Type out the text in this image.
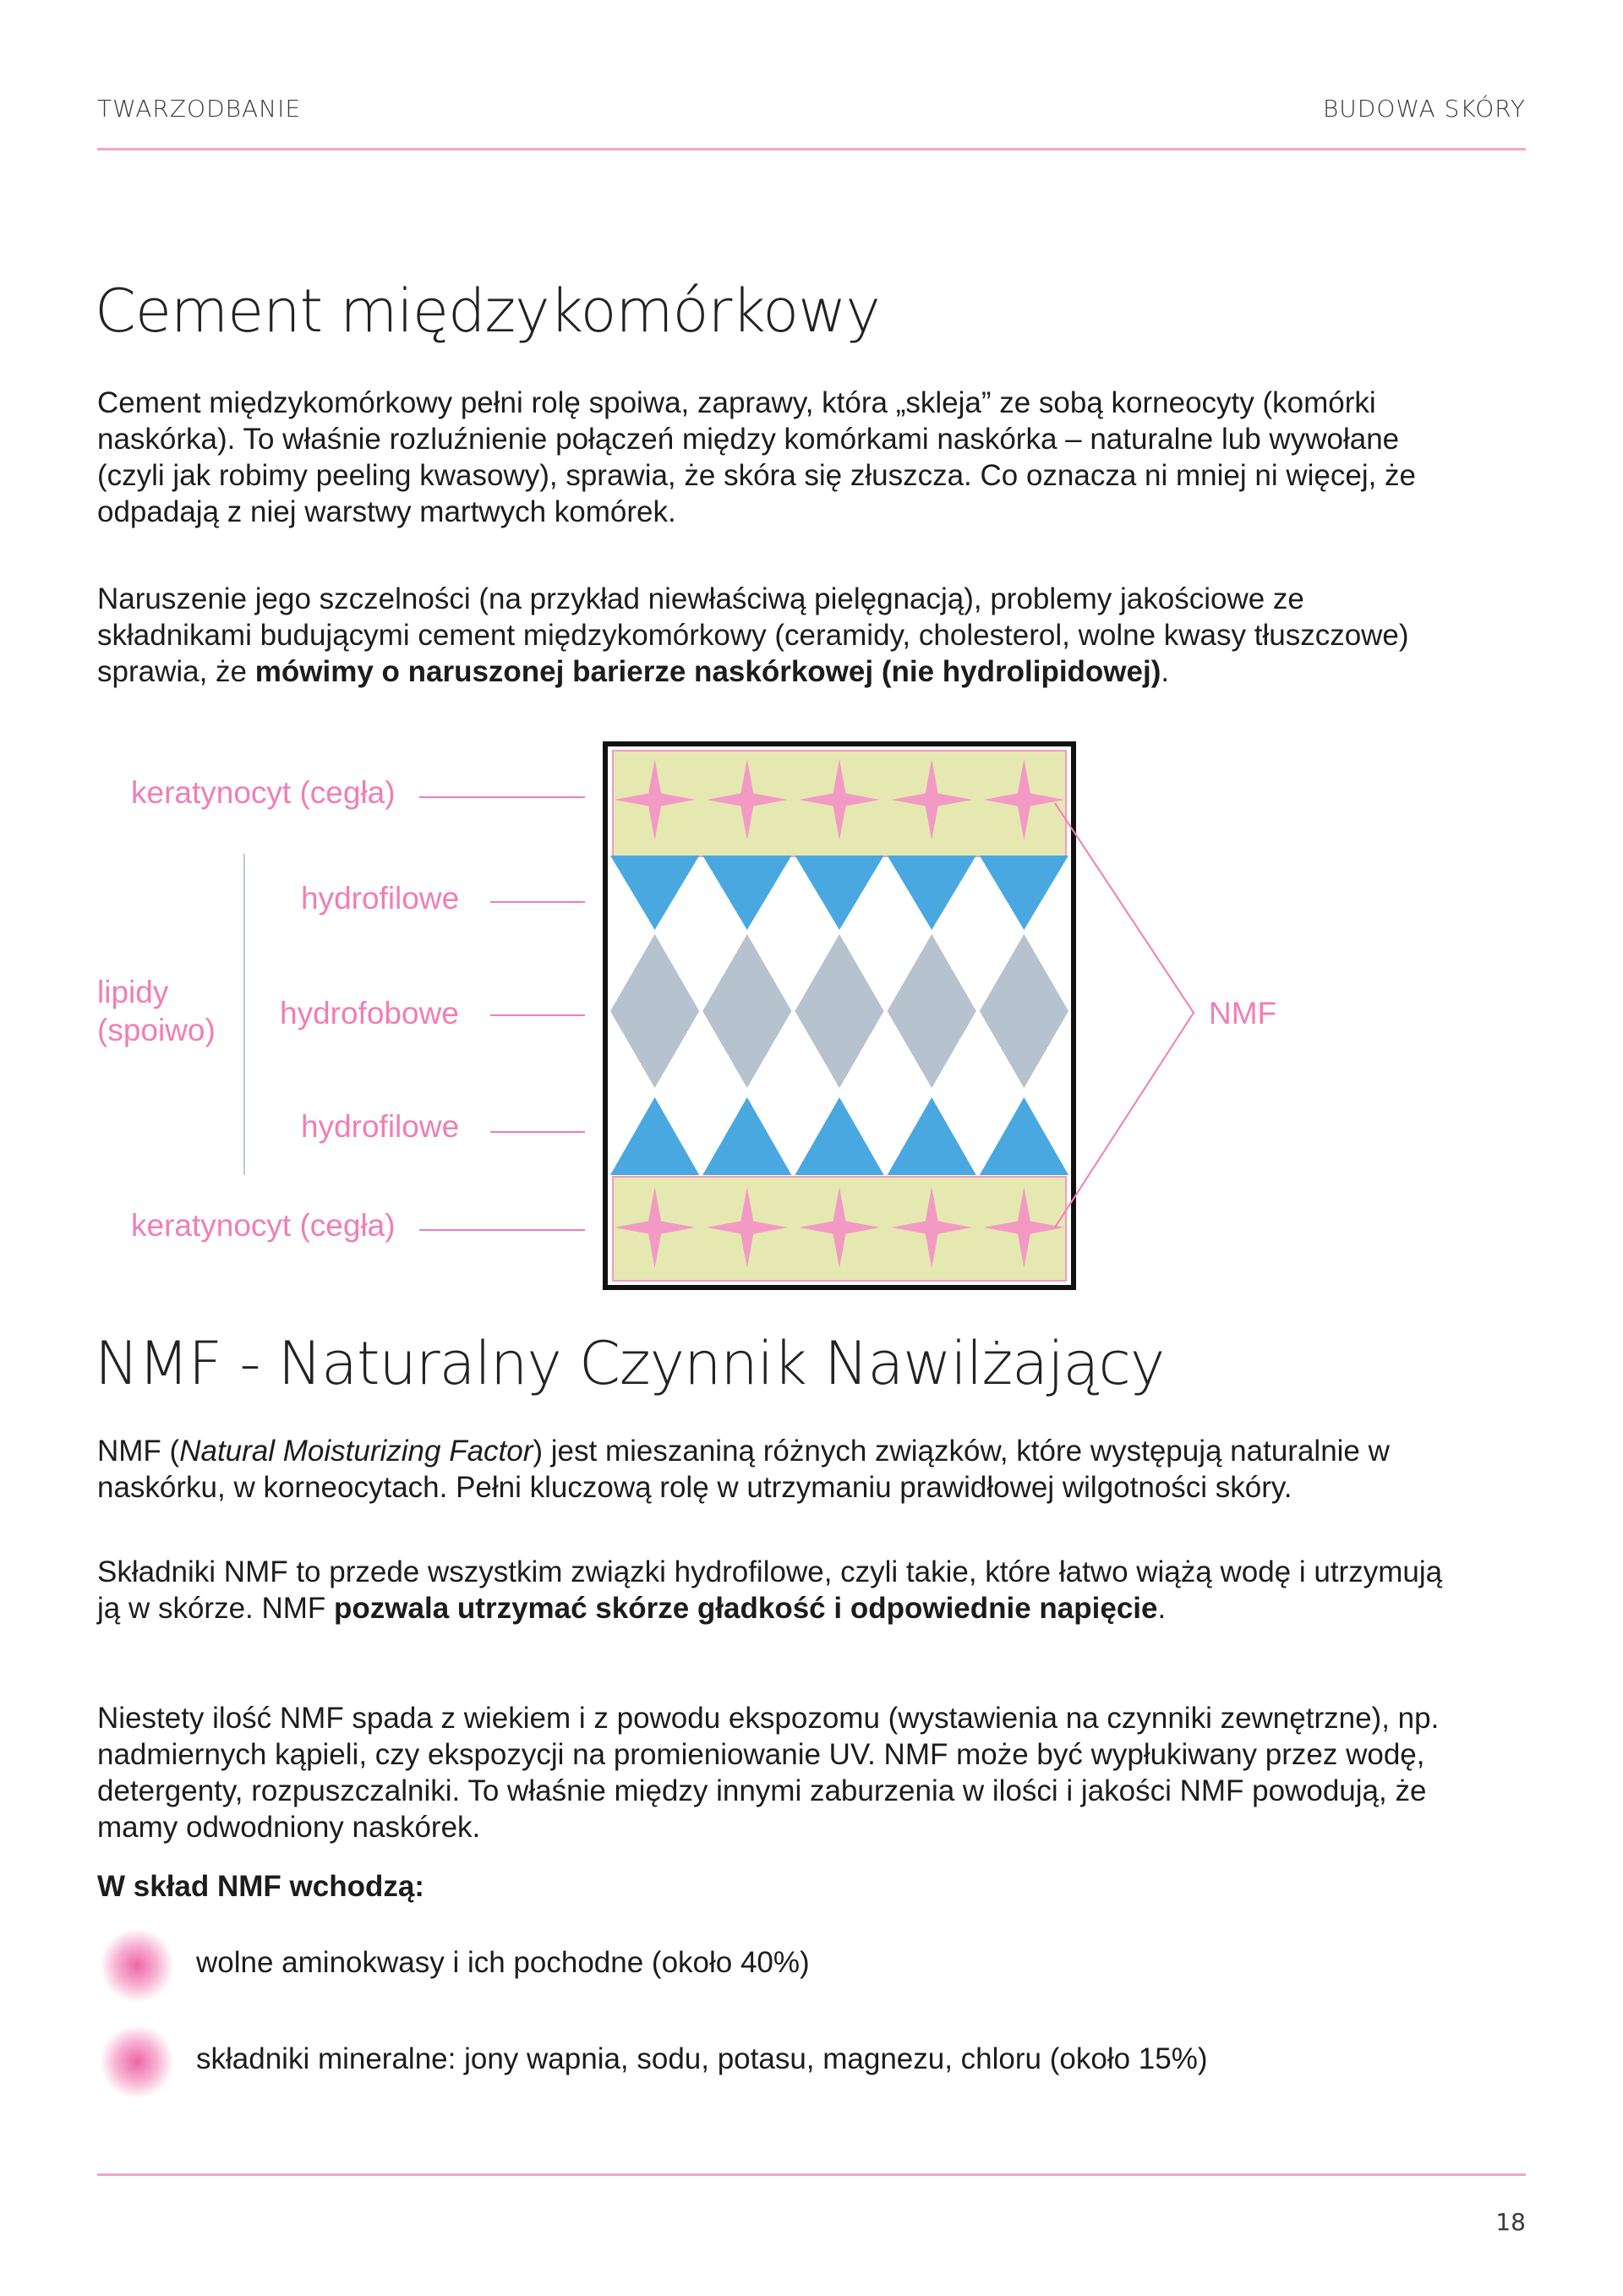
TWARZODBANIE	BUDOWA SKÓRY
Cement międzykomórkowy

Cement międzykomórkowy pełni rolę spoiwa, zaprawy, która „skleja” ze sobą korneocyty (komórki naskórka). To właśnie rozluźnienie połączeń między komórkami naskórka – naturalne lub wywołane (czyli jak robimy peeling kwasowy), sprawia, że skóra się złuszcza. Co oznacza ni mniej ni więcej, że odpadają z niej warstwy martwych komórek.

Naruszenie jego szczelności (na przykład niewłaściwą pielęgnacją), problemy jakościowe ze składnikami budującymi cement międzykomórkowy (ceramidy, cholesterol, wolne kwasy tłuszczowe) sprawia, że mówimy o naruszonej barierze naskórkowej (nie hydrolipidowej).

keratynocyt (cegła)
hydrofilowe
lipidy
(spoiwo) hydrofobowe
hydrofilowe
keratynocyt (cegła)
NMF
NMF - Naturalny Czynnik Nawilżający

NMF (Natural Moisturizing Factor) jest mieszaniną różnych związków, które występują naturalnie w naskórku, w korneocytach. Pełni kluczową rolę w utrzymaniu prawidłowej wilgotności skóry.

Składniki NMF to przede wszystkim związki hydrofilowe, czyli takie, które łatwo wiążą wodę i utrzymują ją w skórze. NMF pozwala utrzymać skórze gładkość i odpowiednie napięcie.

Niestety ilość NMF spada z wiekiem i z powodu ekspozomu (wystawienia na czynniki zewnętrzne), np. nadmiernych kąpieli, czy ekspozycji na promieniowanie UV. NMF może być wypłukiwany przez wodę, detergenty, rozpuszczalniki. To właśnie między innymi zaburzenia w ilości i jakości NMF powodują, że mamy odwodniony naskórek.

W skład NMF wchodzą:

wolne aminokwasy i ich pochodne (około 40%)
składniki mineralne: jony wapnia, sodu, potasu, magnezu, chloru (około 15%)
18
